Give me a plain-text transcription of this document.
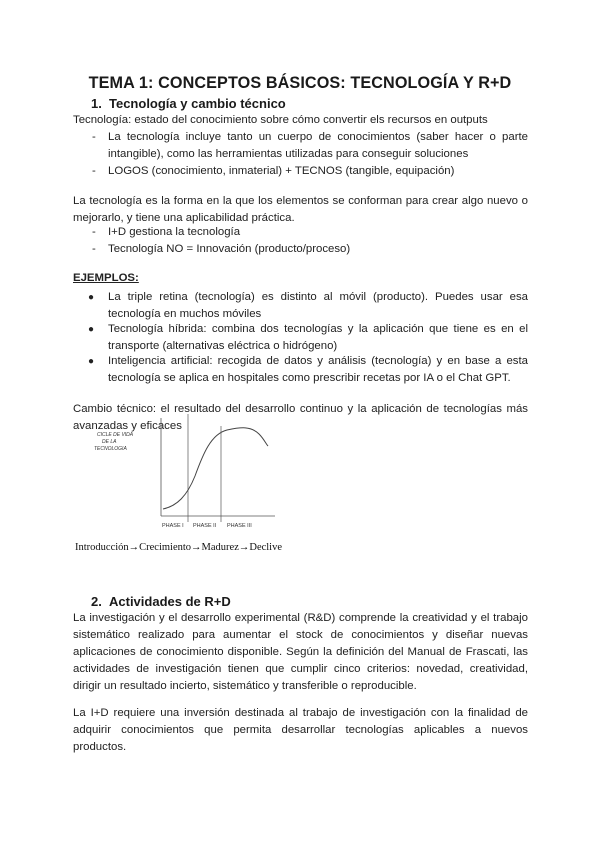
TEMA 1: CONCEPTOS BÁSICOS: TECNOLOGÍA Y R+D
1. Tecnología y cambio técnico
Tecnología: estado del conocimiento sobre cómo convertir els recursos en outputs
- La tecnología incluye tanto un cuerpo de conocimientos (saber hacer o parte intangible), como las herramientas utilizadas para conseguir soluciones
- LOGOS (conocimiento, inmaterial) + TECNOS (tangible, equipación)
La tecnología es la forma en la que los elementos se conforman para crear algo nuevo o mejorarlo, y tiene una aplicabilidad práctica.
- I+D gestiona la tecnología
- Tecnología NO = Innovación (producto/proceso)
EJEMPLOS:
● La triple retina (tecnología) es distinto al móvil (producto). Puedes usar esa tecnología en muchos móviles
● Tecnología híbrida: combina dos tecnologías y la aplicación que tiene es en el transporte (alternativas eléctrica o hidrógeno)
● Inteligencia artificial: recogida de datos y análisis (tecnología) y en base a esta tecnología se aplica en hospitales como prescribir recetas por IA o el Chat GPT.
Cambio técnico: el resultado del desarrollo continuo y la aplicación de tecnologías más avanzadas y eficaces
CICLE DE VIDA
DE LA
TECNOLOGIA
PHASE I PHASE II PHASE III
Introducción→Crecimiento→Madurez→Declive
2. Actividades de R+D
La investigación y el desarrollo experimental (R&D) comprende la creatividad y el trabajo sistemático realizado para aumentar el stock de conocimientos y diseñar nuevas aplicaciones de conocimiento disponible. Según la definición del Manual de Frascati, las actividades de investigación tienen que cumplir cinco criterios: novedad, creatividad, dirigir un resultado incierto, sistemático y transferible o reproducible.
La I+D requiere una inversión destinada al trabajo de investigación con la finalidad de adquirir conocimientos que permita desarrollar tecnologías aplicables a nuevos productos.
